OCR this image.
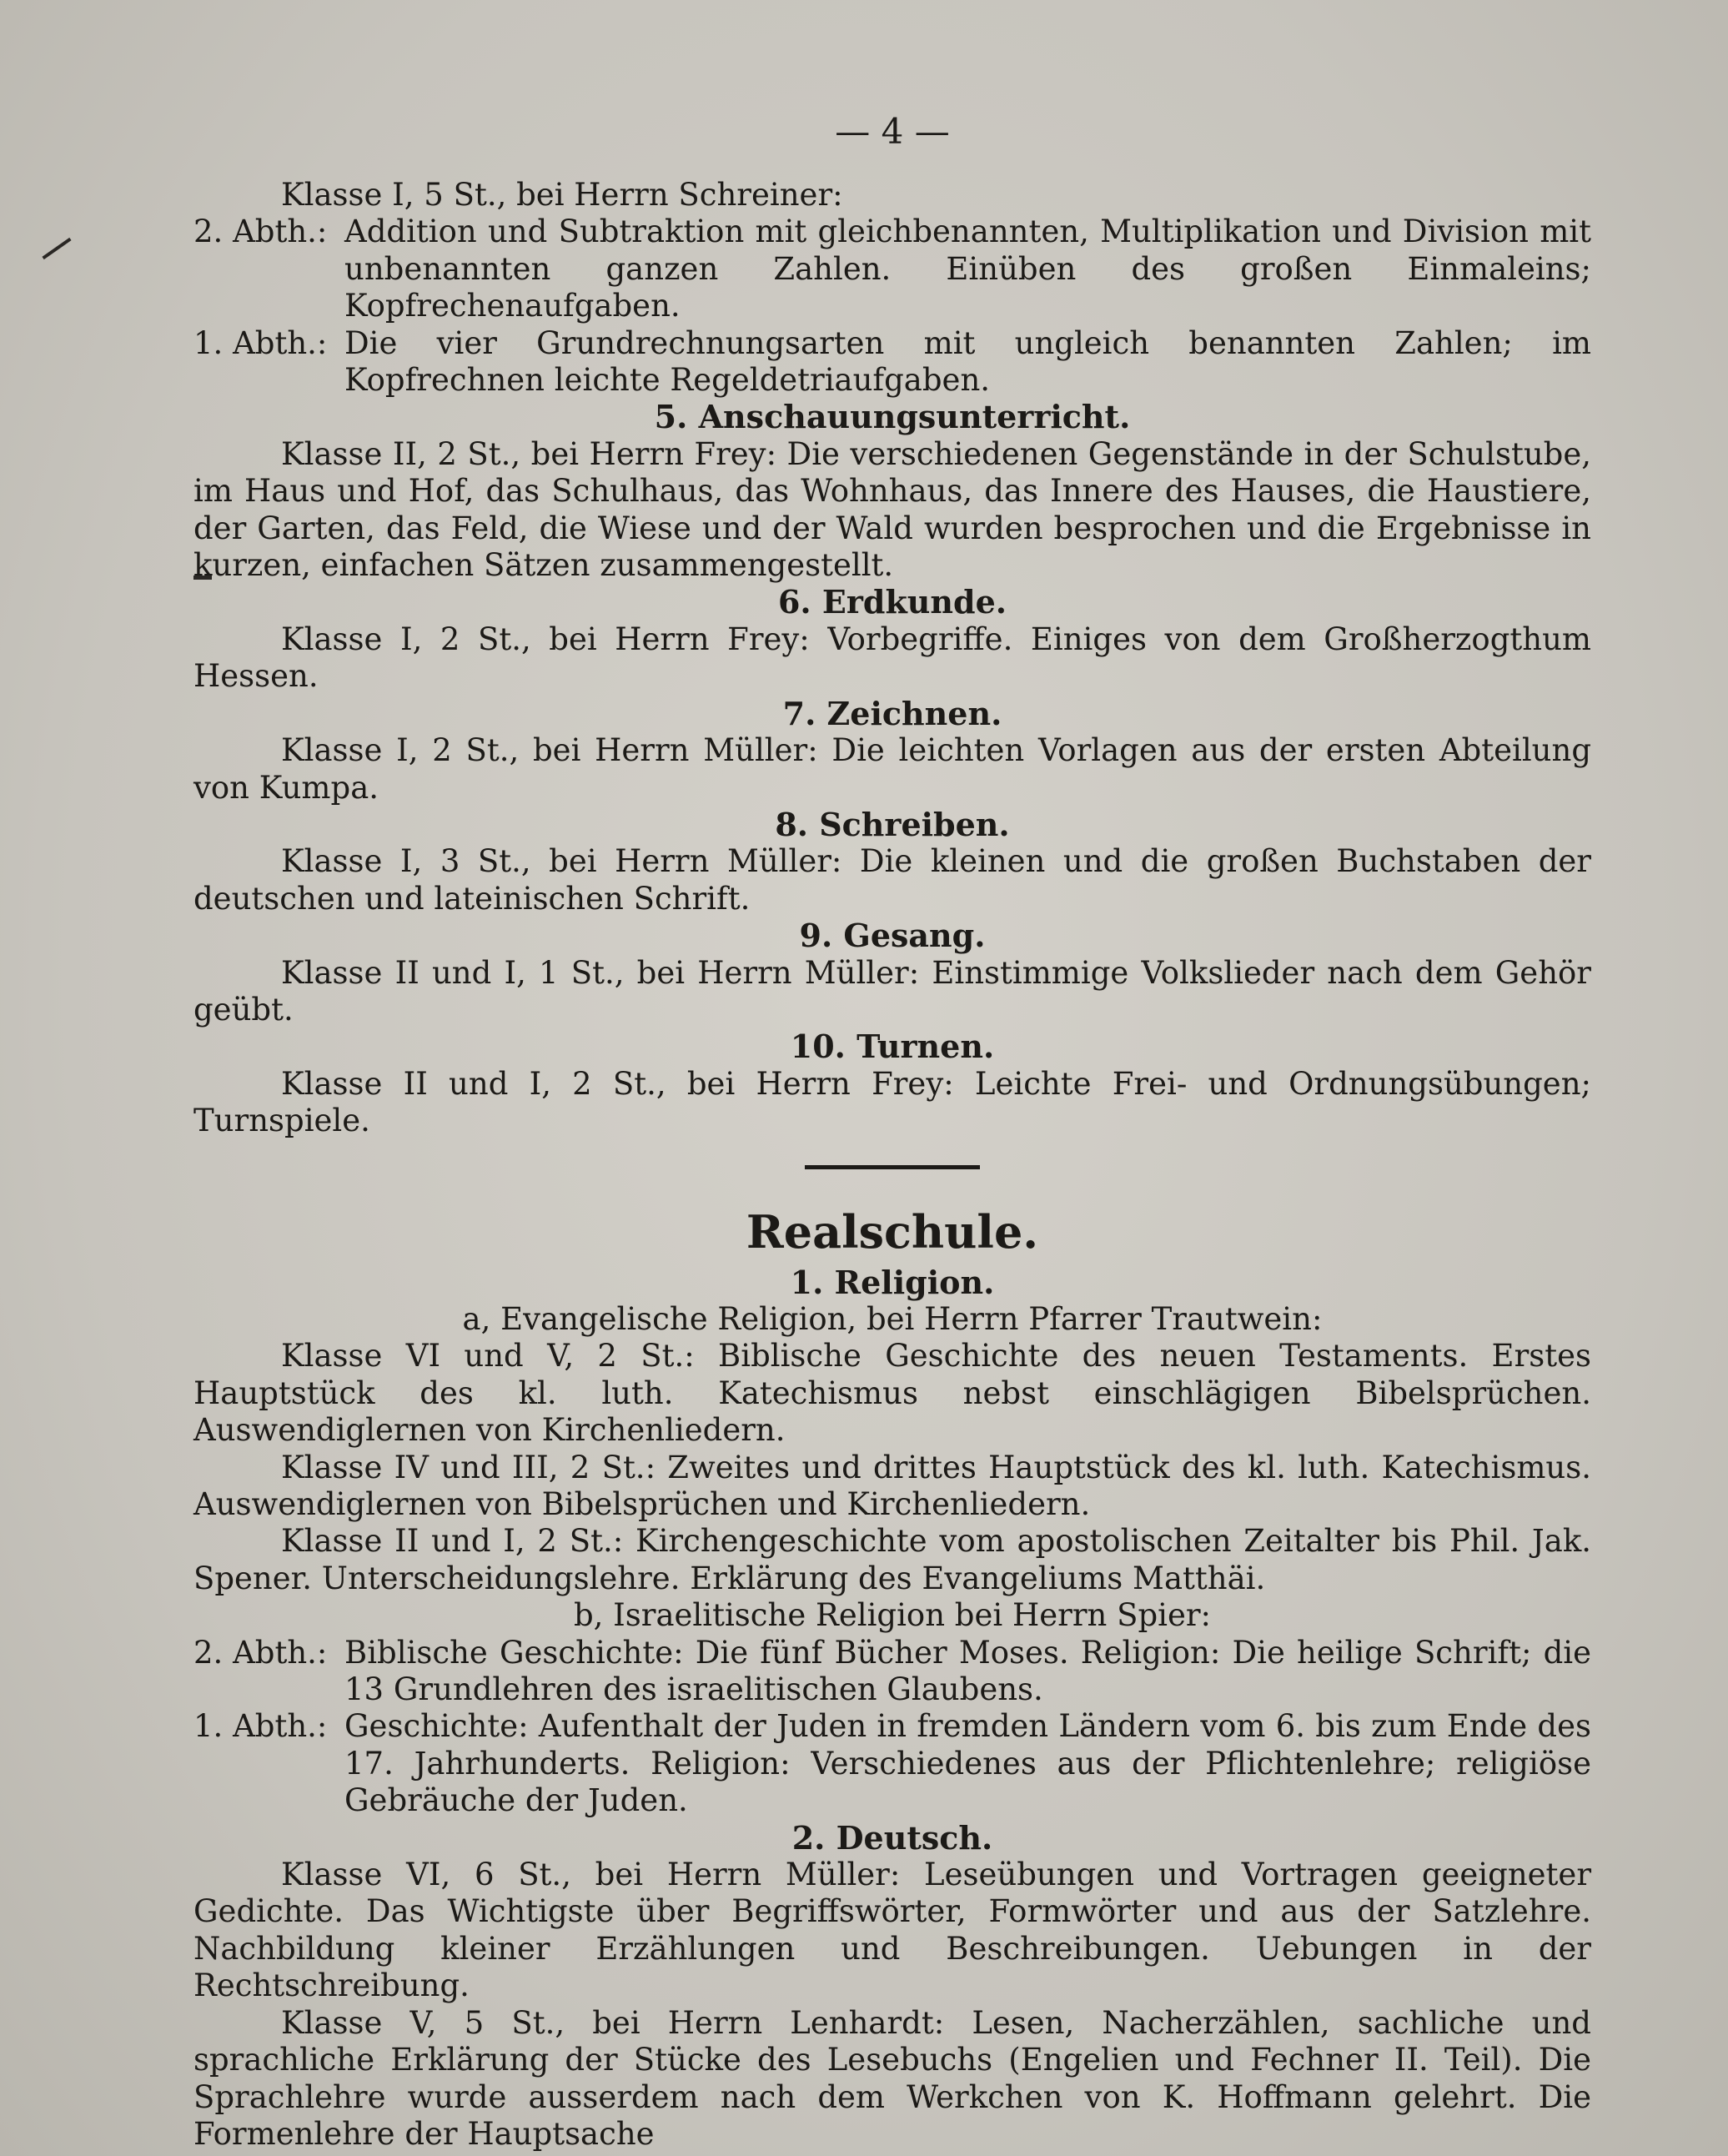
— 4 —

Klasse I, 5 St., bei Herrn Schreiner:

2. Abth.: Addition und Subtraktion mit gleichbenannten, Multiplikation und Division mit unbenannten ganzen Zahlen. Einüben des großen Einmaleins; Kopfrechenaufgaben.
1. Abth.: Die vier Grundrechnungsarten mit ungleich benannten Zahlen; im Kopfrechnen leichte Regeldetriaufgaben.

5. Anschauungsunterricht.

Klasse II, 2 St., bei Herrn Frey: Die verschiedenen Gegenstände in der Schulstube, im Haus und Hof, das Schulhaus, das Wohnhaus, das Innere des Hauses, die Haustiere, der Garten, das Feld, die Wiese und der Wald wurden besprochen und die Ergebnisse in kurzen, einfachen Sätzen zusammengestellt.

6. Erdkunde.

Klasse I, 2 St., bei Herrn Frey: Vorbegriffe. Einiges von dem Großherzogthum Hessen.

7. Zeichnen.

Klasse I, 2 St., bei Herrn Müller: Die leichten Vorlagen aus der ersten Abteilung von Kumpa.

8. Schreiben.

Klasse I, 3 St., bei Herrn Müller: Die kleinen und die großen Buchstaben der deutschen und lateinischen Schrift.

9. Gesang.

Klasse II und I, 1 St., bei Herrn Müller: Einstimmige Volkslieder nach dem Gehör geübt.

10. Turnen.

Klasse II und I, 2 St., bei Herrn Frey: Leichte Frei- und Ordnungsübungen; Turnspiele.

Realschule.

1. Religion.

a, Evangelische Religion, bei Herrn Pfarrer Trautwein:

Klasse VI und V, 2 St.: Biblische Geschichte des neuen Testaments. Erstes Hauptstück des kl. luth. Katechismus nebst einschlägigen Bibelsprüchen. Auswendiglernen von Kirchenliedern.

Klasse IV und III, 2 St.: Zweites und drittes Hauptstück des kl. luth. Katechismus. Auswendiglernen von Bibelsprüchen und Kirchenliedern.

Klasse II und I, 2 St.: Kirchengeschichte vom apostolischen Zeitalter bis Phil. Jak. Spener. Unterscheidungslehre. Erklärung des Evangeliums Matthäi.

b, Israelitische Religion bei Herrn Spier:

2. Abth.: Biblische Geschichte: Die fünf Bücher Moses. Religion: Die heilige Schrift; die 13 Grundlehren des israelitischen Glaubens.
1. Abth.: Geschichte: Aufenthalt der Juden in fremden Ländern vom 6. bis zum Ende des 17. Jahrhunderts. Religion: Verschiedenes aus der Pflichtenlehre; religiöse Gebräuche der Juden.

2. Deutsch.

Klasse VI, 6 St., bei Herrn Müller: Leseübungen und Vortragen geeigneter Gedichte. Das Wichtigste über Begriffswörter, Formwörter und aus der Satzlehre. Nachbildung kleiner Erzählungen und Beschreibungen. Uebungen in der Rechtschreibung.

Klasse V, 5 St., bei Herrn Lenhardt: Lesen, Nacherzählen, sachliche und sprachliche Erklärung der Stücke des Lesebuchs (Engelien und Fechner II. Teil). Die Sprachlehre wurde ausserdem nach dem Werkchen von K. Hoffmann gelehrt. Die Formenlehre der Hauptsache
